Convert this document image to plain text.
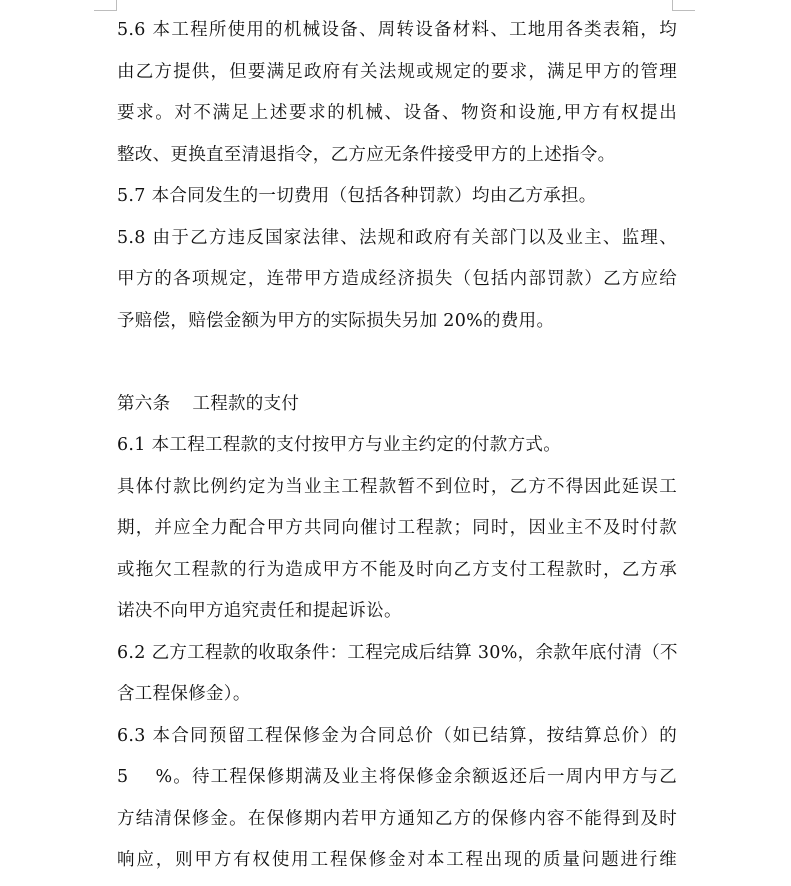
5.6 本工程所使用的机械设备、周转设备材料、工地用各类表箱，均
由乙方提供，但要满足政府有关法规或规定的要求，满足甲方的管理
要求。对不满足上述要求的机械、设备、物资和设施,甲方有权提出
整改、更换直至清退指令，乙方应无条件接受甲方的上述指令。
5.7 本合同发生的一切费用（包括各种罚款）均由乙方承担。
5.8 由于乙方违反国家法律、法规和政府有关部门以及业主、监理、
甲方的各项规定，连带甲方造成经济损失（包括内部罚款）乙方应给
予赔偿，赔偿金额为甲方的实际损失另加 20%的费用。
第六条 工程款的支付
6.1 本工程工程款的支付按甲方与业主约定的付款方式。
具体付款比例约定为当业主工程款暂不到位时，乙方不得因此延误工
期，并应全力配合甲方共同向催讨工程款；同时，因业主不及时付款
或拖欠工程款的行为造成甲方不能及时向乙方支付工程款时，乙方承
诺决不向甲方追究责任和提起诉讼。
6.2 乙方工程款的收取条件：工程完成后结算 30%，余款年底付清（不
含工程保修金）。
6.3 本合同预留工程保修金为合同总价（如已结算，按结算总价）的
5    %。待工程保修期满及业主将保修金余额返还后一周内甲方与乙
方结清保修金。在保修期内若甲方通知乙方的保修内容不能得到及时
响应，则甲方有权使用工程保修金对本工程出现的质量问题进行维
